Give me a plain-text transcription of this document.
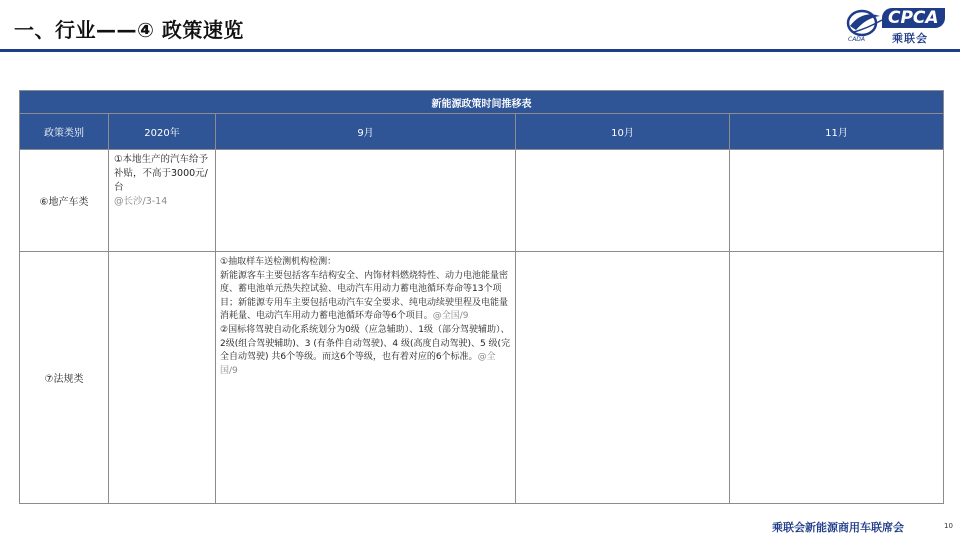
一、行业——④ 政策速览	CPCA
乘联会
CADA
新能源政策时间推移表				
政策类别	2020年	9月	10月	11月
⑥地产车类	①本地生产的汽车给予补贴，不高于3000元/台
@长沙/3-14			

⑦法规类		①抽取样车送检测机构检测：
新能源客车主要包括客车结构安全、内饰材料燃烧特性、动力电池能量密度、蓄电池单元热失控试验、电动汽车用动力蓄电池循环寿命等13个项目；新能源专用车主要包括电动汽车安全要求、纯电动续驶里程及电能量消耗量、电动汽车用动力蓄电池循环寿命等6个项目。@全国/9
②国标将驾驶自动化系统划分为0级（应急辅助）、1级（部分驾驶辅助）、2级(组合驾驶辅助)、3 (有条件自动驾驶)、4 级(高度自动驾驶)、5 级(完全自动驾驶) 共6个等级。而这6个等级，也有着对应的6个标准。@全国/9		

乘联会新能源商用车联席会	10
